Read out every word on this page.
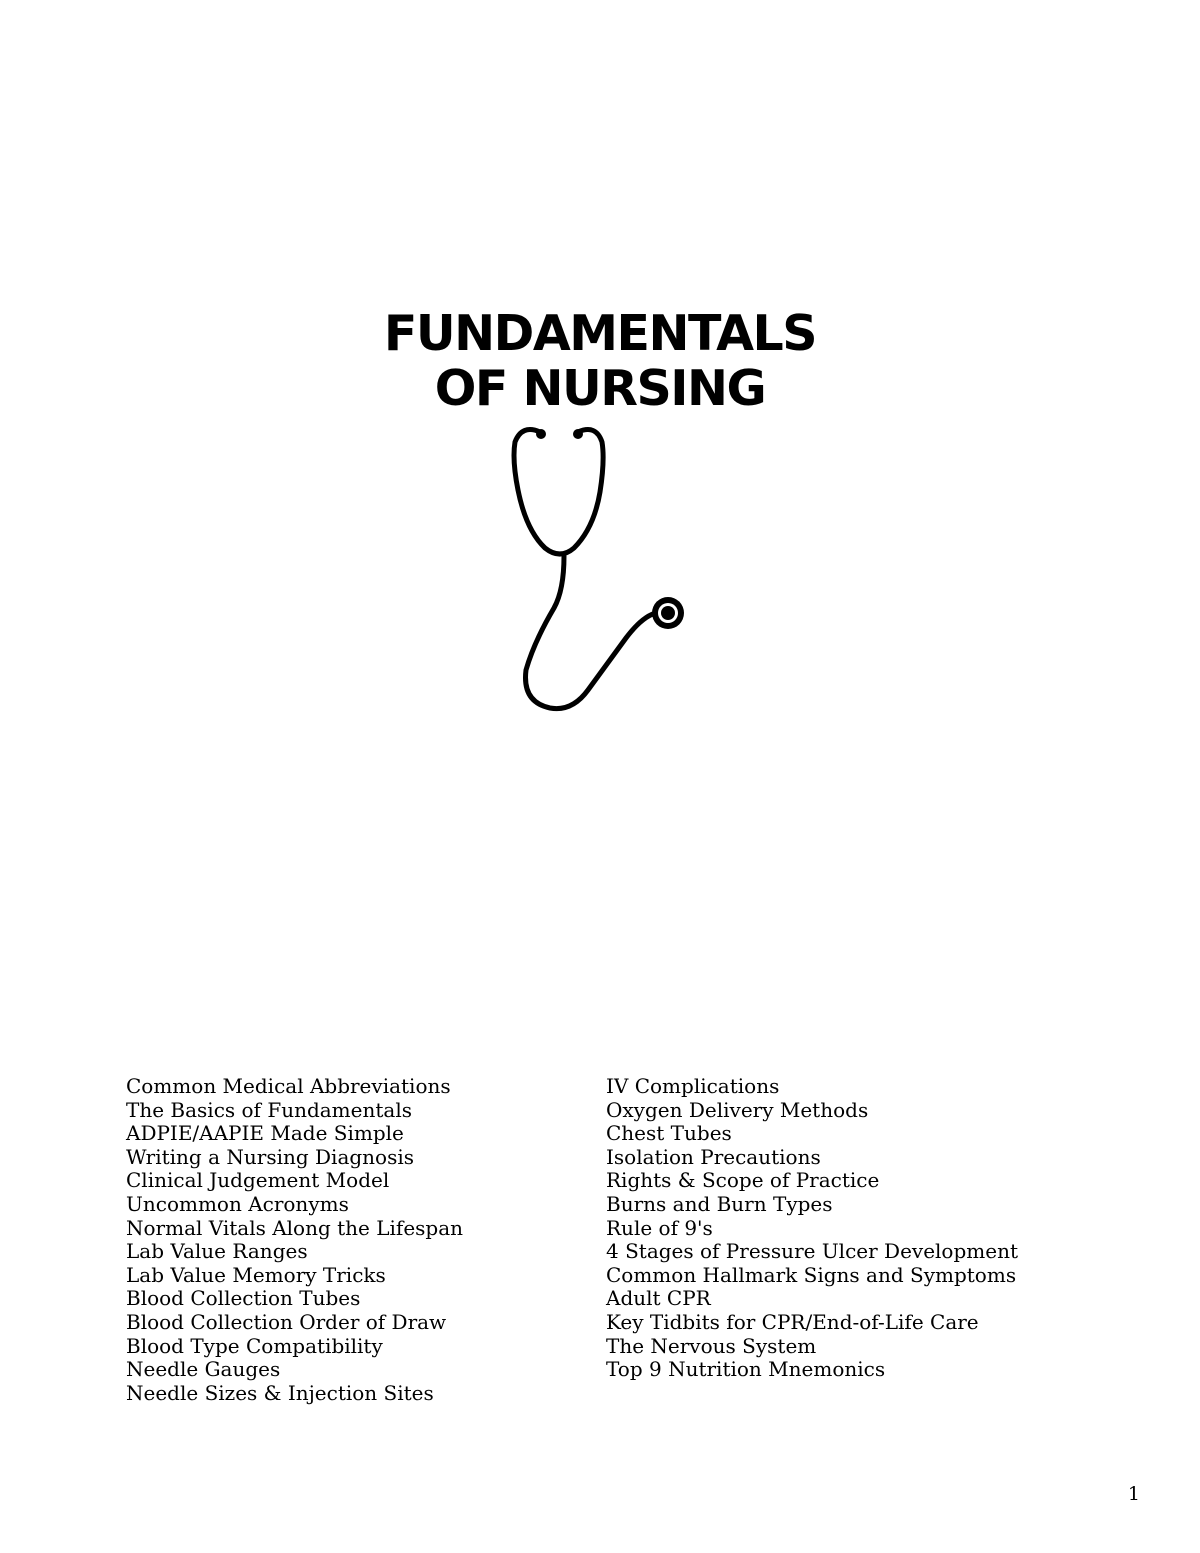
FUNDAMENTALS
OF NURSING
Common Medical Abbreviations
The Basics of Fundamentals
ADPIE/AAPIE Made Simple
Writing a Nursing Diagnosis
Clinical Judgement Model
Uncommon Acronyms
Normal Vitals Along the Lifespan
Lab Value Ranges
Lab Value Memory Tricks
Blood Collection Tubes
Blood Collection Order of Draw
Blood Type Compatibility
Needle Gauges
Needle Sizes & Injection Sites
IV Complications
Oxygen Delivery Methods
Chest Tubes
Isolation Precautions
Rights & Scope of Practice
Burns and Burn Types
Rule of 9's
4 Stages of Pressure Ulcer Development
Common Hallmark Signs and Symptoms
Adult CPR
Key Tidbits for CPR/End-of-Life Care
The Nervous System
Top 9 Nutrition Mnemonics
1
